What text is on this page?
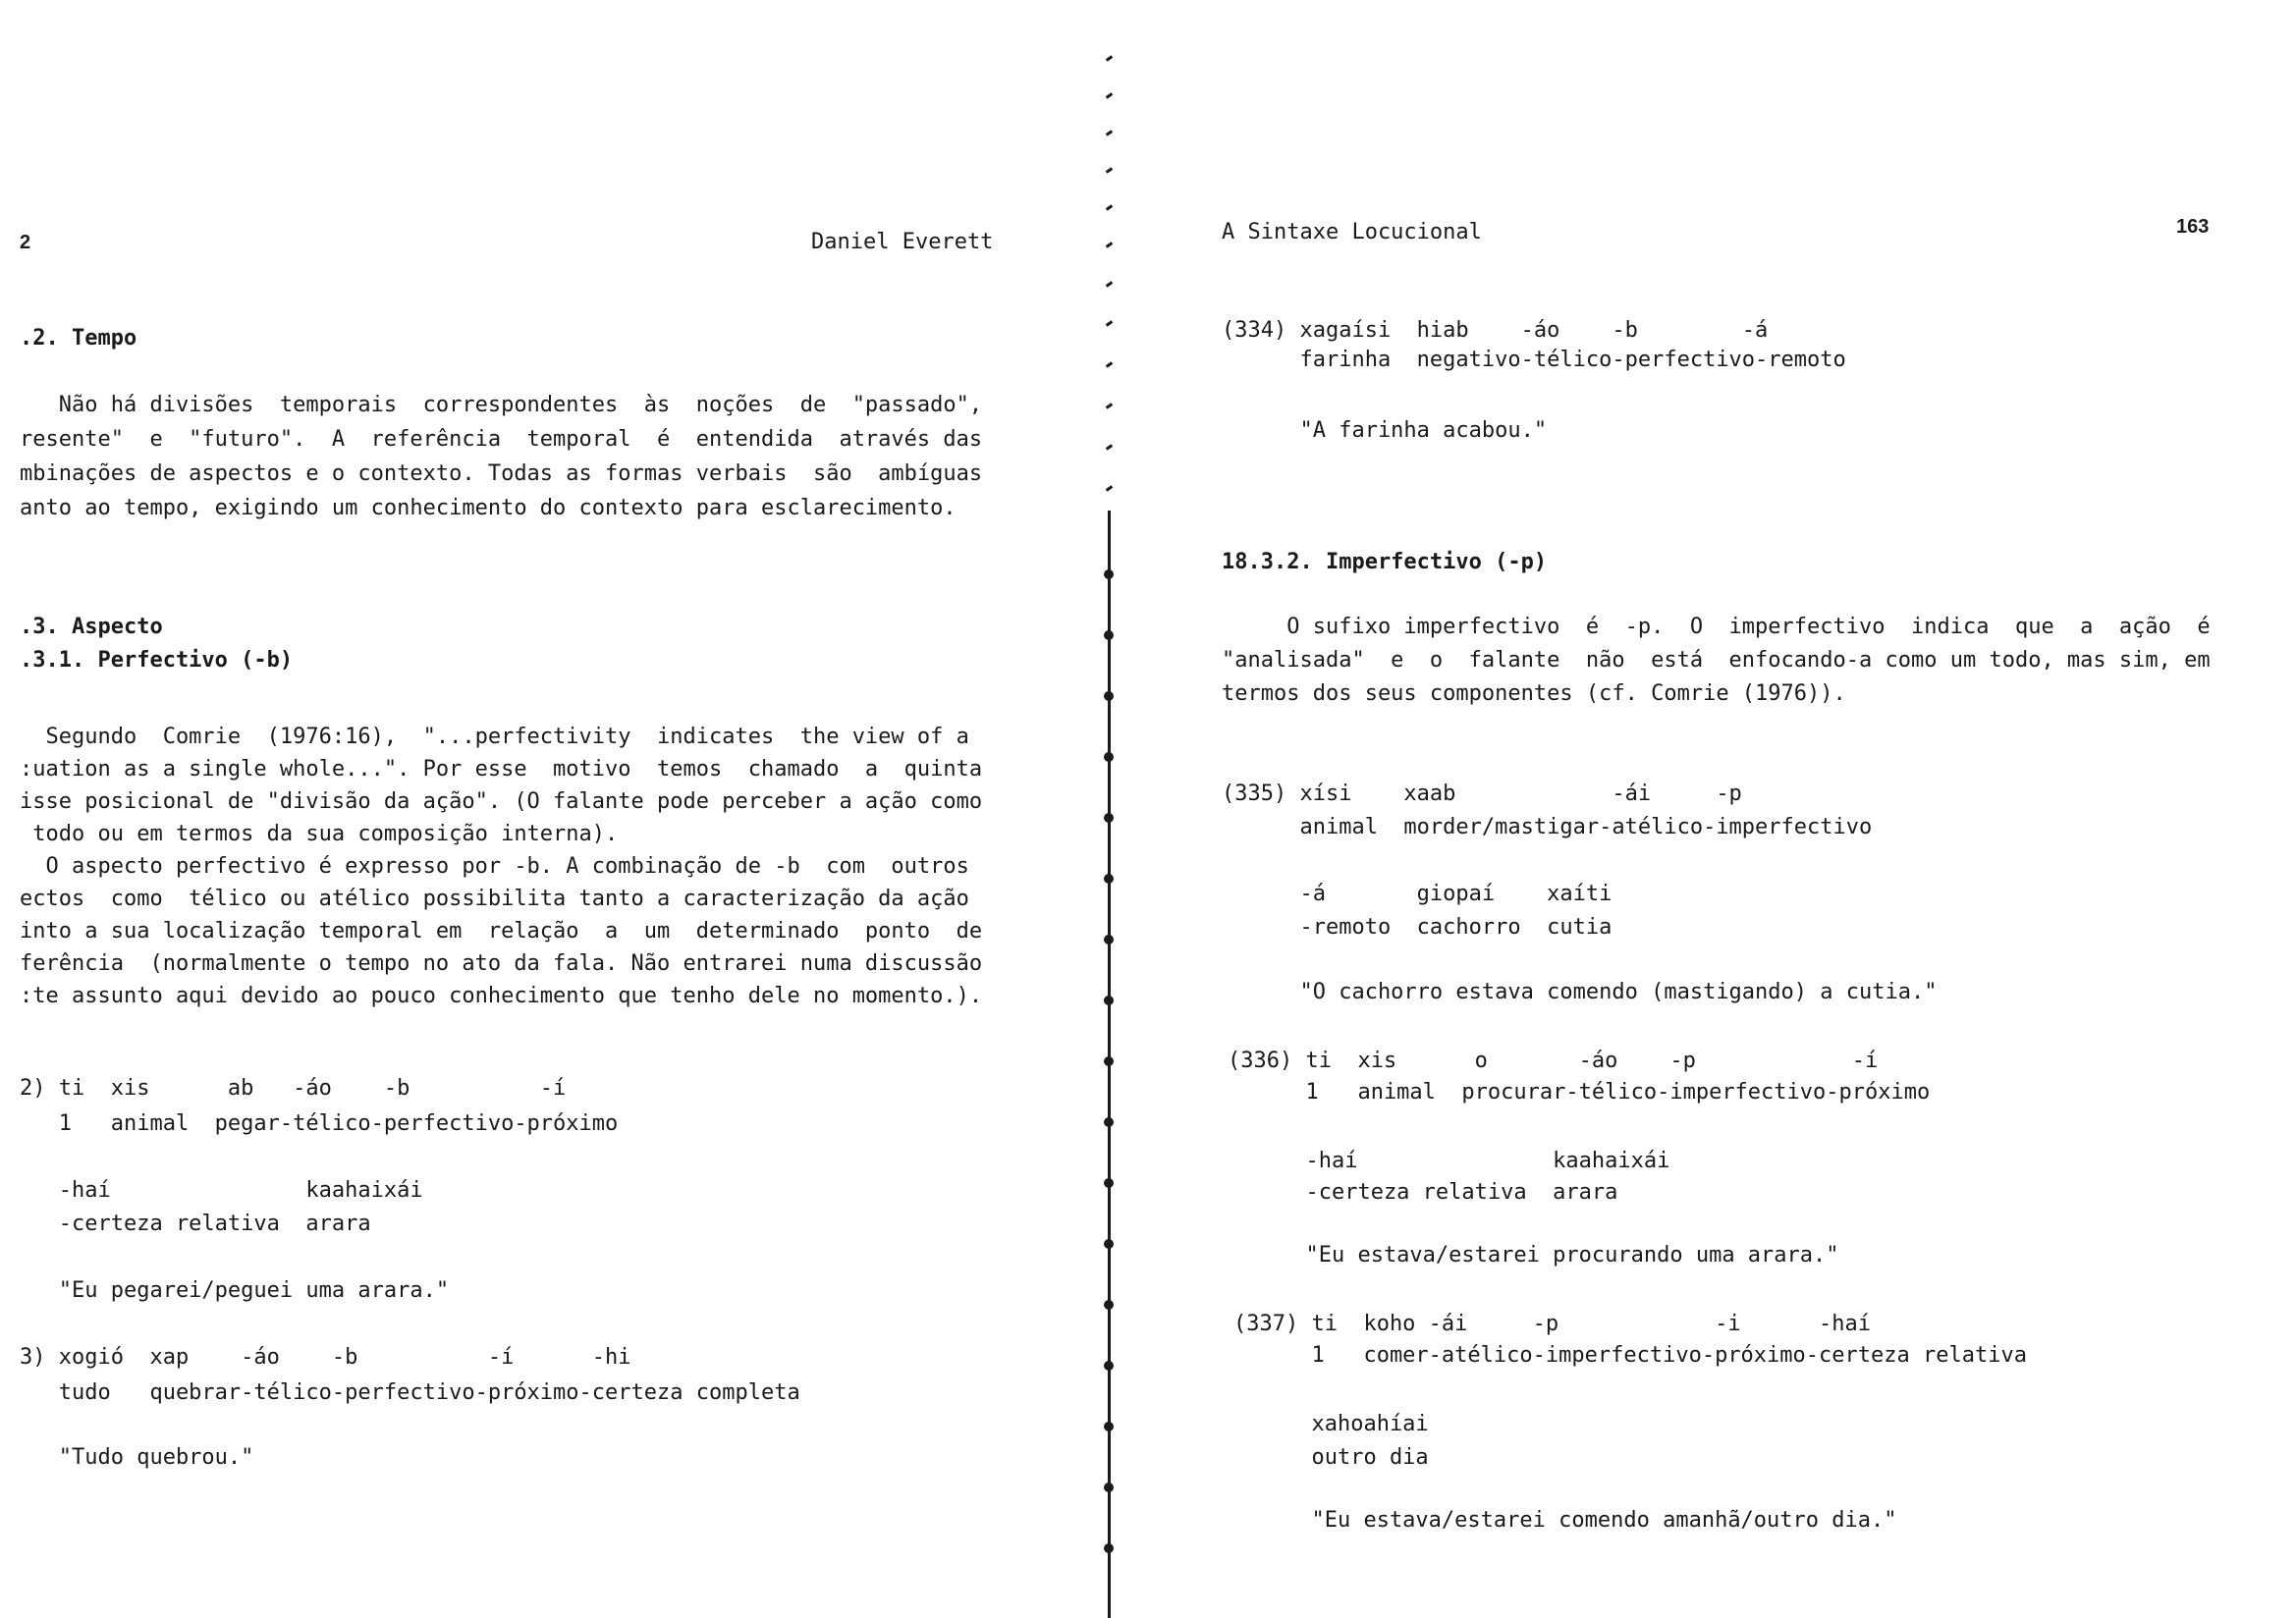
2	Daniel Everett
.2. Tempo
Não há divisões  temporais  correspondentes  às  noções  de  "passado",
resente"  e  "futuro".  A  referência  temporal  é  entendida  através das
mbinações de aspectos e o contexto. Todas as formas verbais  são  ambíguas
anto ao tempo, exigindo um conhecimento do contexto para esclarecimento.
.3. Aspecto
.3.1. Perfectivo (-b)
Segundo  Comrie  (1976:16),  "...perfectivity  indicates  the view of a
:uation as a single whole...". Por esse  motivo  temos  chamado  a  quinta
isse posicional de "divisão da ação". (O falante pode perceber a ação como
todo ou em termos da sua composição interna).
O aspecto perfectivo é expresso por -b. A combinação de -b  com  outros
ectos  como  télico ou atélico possibilita tanto a caracterização da ação
into a sua localização temporal em  relação  a  um  determinado  ponto  de
ferência  (normalmente o tempo no ato da fala. Não entrarei numa discussão
:te assunto aqui devido ao pouco conhecimento que tenho dele no momento.).
2) ti  xis      ab   -áo    -b          -í
1   animal  pegar-télico-perfectivo-próximo
-haí               kaahaixái
-certeza relativa  arara
"Eu pegarei/peguei uma arara."
3) xogió  xap    -áo    -b          -í      -hi
tudo   quebrar-télico-perfectivo-próximo-certeza completa
"Tudo quebrou."
A Sintaxe Locucional	163
(334) xagaísi  hiab    -áo    -b        -á
farinha  negativo-télico-perfectivo-remoto
"A farinha acabou."
18.3.2. Imperfectivo (-p)
O sufixo imperfectivo  é  -p.  O  imperfectivo  indica  que  a  ação  é
"analisada"  e  o  falante  não  está  enfocando-a como um todo, mas sim, em
termos dos seus componentes (cf. Comrie (1976)).
(335) xísi    xaab            -ái     -p
animal  morder/mastigar-atélico-imperfectivo
-á       giopaí    xaíti
-remoto  cachorro  cutia
"O cachorro estava comendo (mastigando) a cutia."
(336) ti  xis      o       -áo    -p            -í
1   animal  procurar-télico-imperfectivo-próximo
-haí               kaahaixái
-certeza relativa  arara
"Eu estava/estarei procurando uma arara."
(337) ti  koho -ái     -p            -i      -haí
1   comer-atélico-imperfectivo-próximo-certeza relativa
xahoahíai
outro dia
"Eu estava/estarei comendo amanhã/outro dia."
